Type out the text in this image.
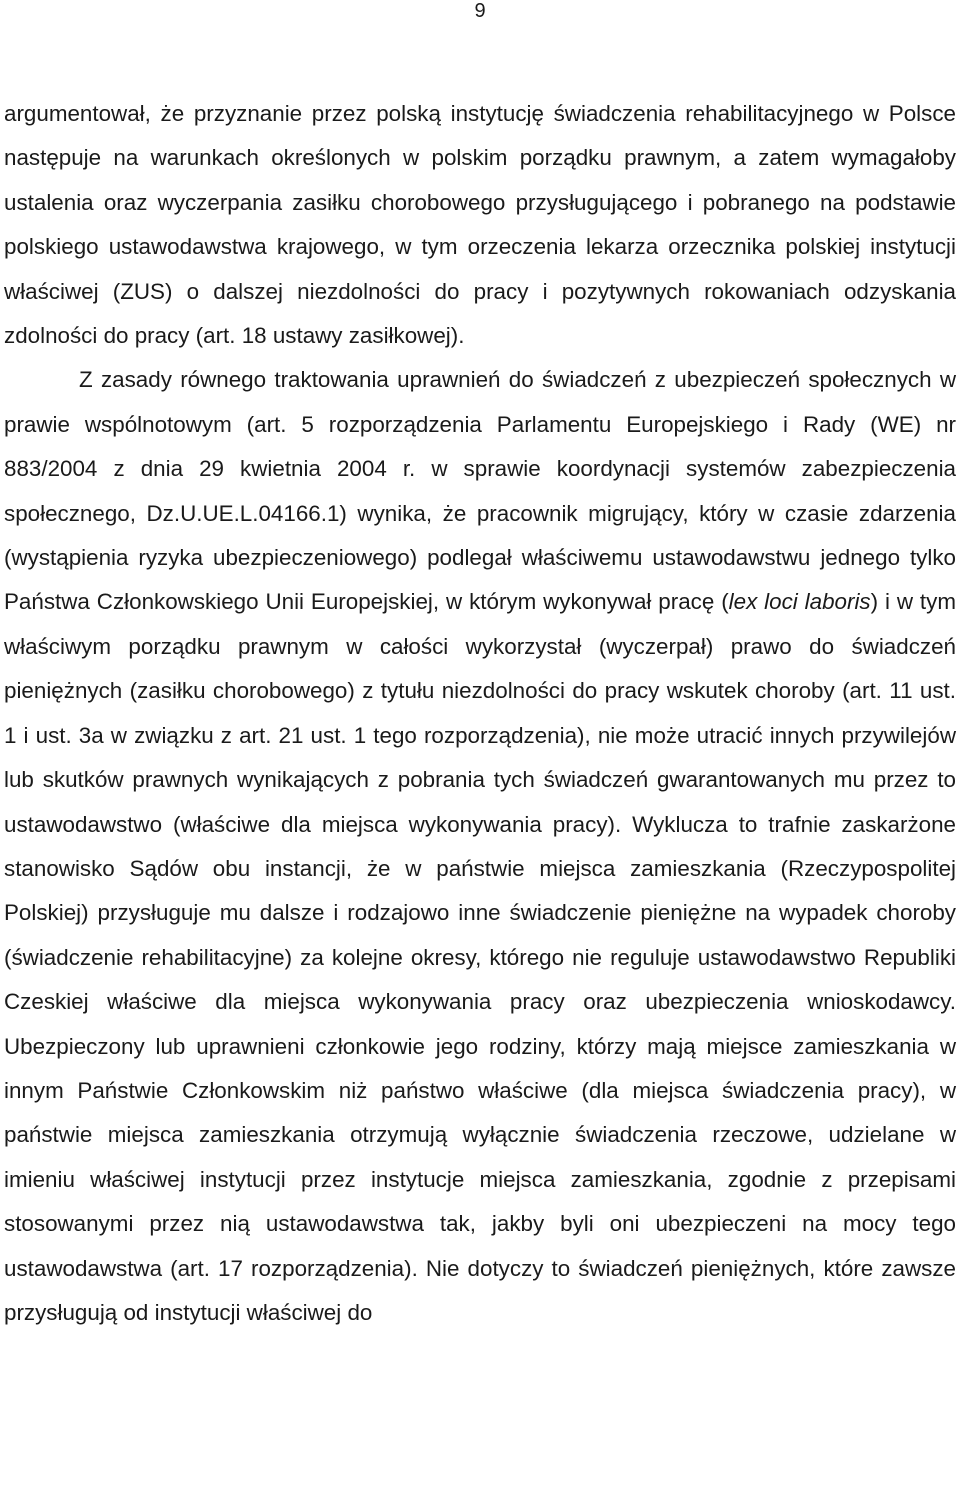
9

argumentował, że przyznanie przez polską instytucję świadczenia rehabilitacyjnego w Polsce następuje na warunkach określonych w polskim porządku prawnym, a zatem wymagałoby ustalenia oraz wyczerpania zasiłku chorobowego przysługującego i pobranego na podstawie polskiego ustawodawstwa krajowego, w tym orzeczenia lekarza orzecznika polskiej instytucji właściwej (ZUS) o dalszej niezdolności do pracy i pozytywnych rokowaniach odzyskania zdolności do pracy (art. 18 ustawy zasiłkowej).

Z zasady równego traktowania uprawnień do świadczeń z ubezpieczeń społecznych w prawie wspólnotowym (art. 5 rozporządzenia Parlamentu Europejskiego i Rady (WE) nr 883/2004 z dnia 29 kwietnia 2004 r. w sprawie koordynacji systemów zabezpieczenia społecznego, Dz.U.UE.L.04166.1) wynika, że pracownik migrujący, który w czasie zdarzenia (wystąpienia ryzyka ubezpieczeniowego) podlegał właściwemu ustawodawstwu jednego tylko Państwa Członkowskiego Unii Europejskiej, w którym wykonywał pracę (lex loci laboris) i w tym właściwym porządku prawnym w całości wykorzystał (wyczerpał) prawo do świadczeń pieniężnych (zasiłku chorobowego) z tytułu niezdolności do pracy wskutek choroby (art. 11 ust. 1 i ust. 3a w związku z art. 21 ust. 1 tego rozporządzenia), nie może utracić innych przywilejów lub skutków prawnych wynikających z pobrania tych świadczeń gwarantowanych mu przez to ustawodawstwo (właściwe dla miejsca wykonywania pracy). Wyklucza to trafnie zaskarżone stanowisko Sądów obu instancji, że w państwie miejsca zamieszkania (Rzeczypospolitej Polskiej) przysługuje mu dalsze i rodzajowo inne świadczenie pieniężne na wypadek choroby (świadczenie rehabilitacyjne) za kolejne okresy, którego nie reguluje ustawodawstwo Republiki Czeskiej właściwe dla miejsca wykonywania pracy oraz ubezpieczenia wnioskodawcy. Ubezpieczony lub uprawnieni członkowie jego rodziny, którzy mają miejsce zamieszkania w innym Państwie Członkowskim niż państwo właściwe (dla miejsca świadczenia pracy), w państwie miejsca zamieszkania otrzymują wyłącznie świadczenia rzeczowe, udzielane w imieniu właściwej instytucji przez instytucje miejsca zamieszkania, zgodnie z przepisami stosowanymi przez nią ustawodawstwa tak, jakby byli oni ubezpieczeni na mocy tego ustawodawstwa (art. 17 rozporządzenia). Nie dotyczy to świadczeń pieniężnych, które zawsze przysługują od instytucji właściwej do
